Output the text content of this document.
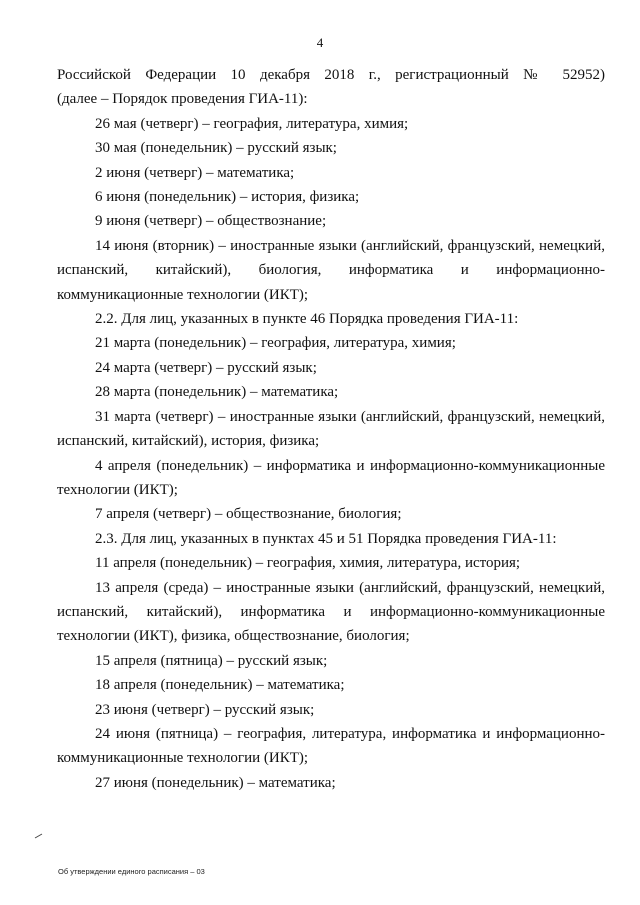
4

Российской Федерации 10 декабря 2018 г., регистрационный № 52952)

(далее – Порядок проведения ГИА-11):

26 мая (четверг) – география, литература, химия;

30 мая (понедельник) – русский язык;

2 июня (четверг) – математика;

6 июня (понедельник) – история, физика;

9 июня (четверг) – обществознание;

14 июня (вторник) – иностранные языки (английский, французский, немецкий, испанский, китайский), биология, информатика и информационно-коммуникационные технологии (ИКТ);

2.2. Для лиц, указанных в пункте 46 Порядка проведения ГИА-11:

21 марта (понедельник) – география, литература, химия;

24 марта (четверг) – русский язык;

28 марта (понедельник) – математика;

31 марта (четверг) – иностранные языки (английский, французский, немецкий, испанский, китайский), история, физика;

4 апреля (понедельник) – информатика и информационно-коммуникационные технологии (ИКТ);

7 апреля (четверг) – обществознание, биология;

2.3. Для лиц, указанных в пунктах 45 и 51 Порядка проведения ГИА-11:

11 апреля (понедельник) – география, химия, литература, история;

13 апреля (среда) – иностранные языки (английский, французский, немецкий, испанский, китайский), информатика и информационно-коммуникационные технологии (ИКТ), физика, обществознание, биология;

15 апреля (пятница) – русский язык;

18 апреля (понедельник) – математика;

23 июня (четверг) – русский язык;

24 июня (пятница) – география, литература, информатика и информационно-коммуникационные технологии (ИКТ);

27 июня (понедельник) – математика;

Об утверждении единого расписания – 03
